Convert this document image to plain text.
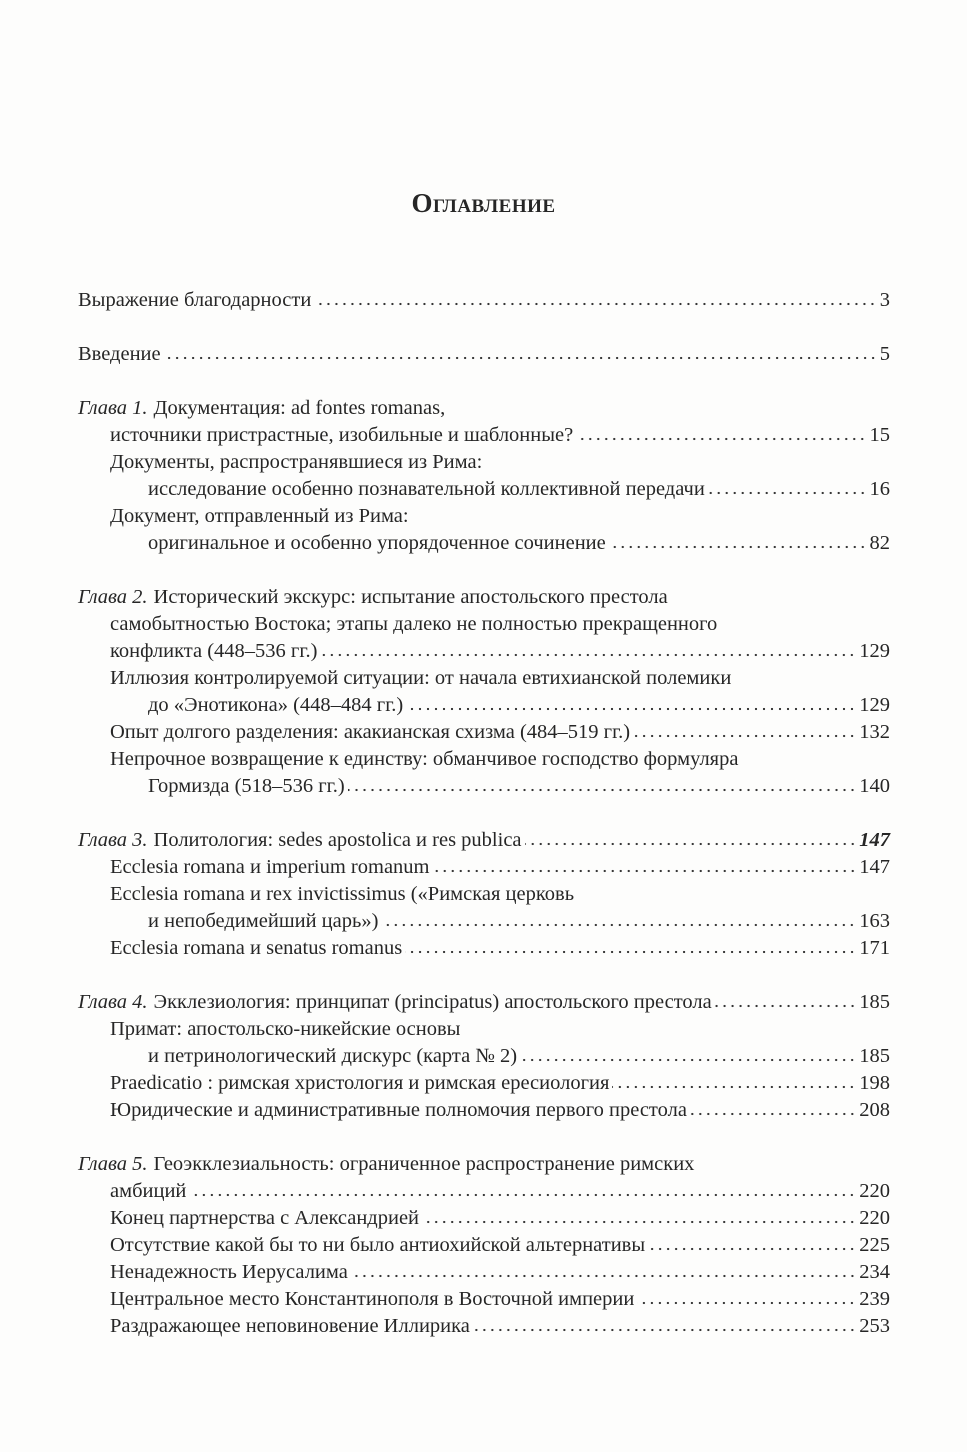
Оглавление
Выражение благодарности	3
Введение	5
Глава 1. Документация: ad fontes romanas,
источники пристрастные, изобильные и шаблонные?	15
Документы, распространявшиеся из Рима:
исследование особенно познавательной коллективной передачи	16
Документ, отправленный из Рима:
оригинальное и особенно упорядоченное сочинение	82
Глава 2. Исторический экскурс: испытание апостольского престола
самобытностью Востока; этапы далеко не полностью прекращенного
конфликта (448–536 гг.)	129
Иллюзия контролируемой ситуации: от начала евтихианской полемики
до «Энотикона» (448–484 гг.)	129
Опыт долгого разделения: акакианская схизма (484–519 гг.)	132
Непрочное возвращение к единству: обманчивое господство формуляра
Гормизда (518–536 гг.)	140
Глава 3. Политология: sedes apostolica и res publica	147
Ecclesia romana и imperium romanum	147
Ecclesia romana и rex invictissimus («Римская церковь
и непобедимейший царь»)	163
Ecclesia romana и senatus romanus	171
Глава 4. Экклезиология: принципат (principatus) апостольского престола	185
Примат: апостольско-никейские основы
и петринологический дискурс (карта № 2)	185
Praedicatio : римская христология и римская ересиология	198
Юридические и административные полномочия первого престола	208
Глава 5. Геоэкклезиальность: ограниченное распространение римских
амбиций	220
Конец партнерства с Александрией	220
Отсутствие какой бы то ни было антиохийской альтернативы	225
Ненадежность Иерусалима	234
Центральное место Константинополя в Восточной империи	239
Раздражающее неповиновение Иллирика	253
